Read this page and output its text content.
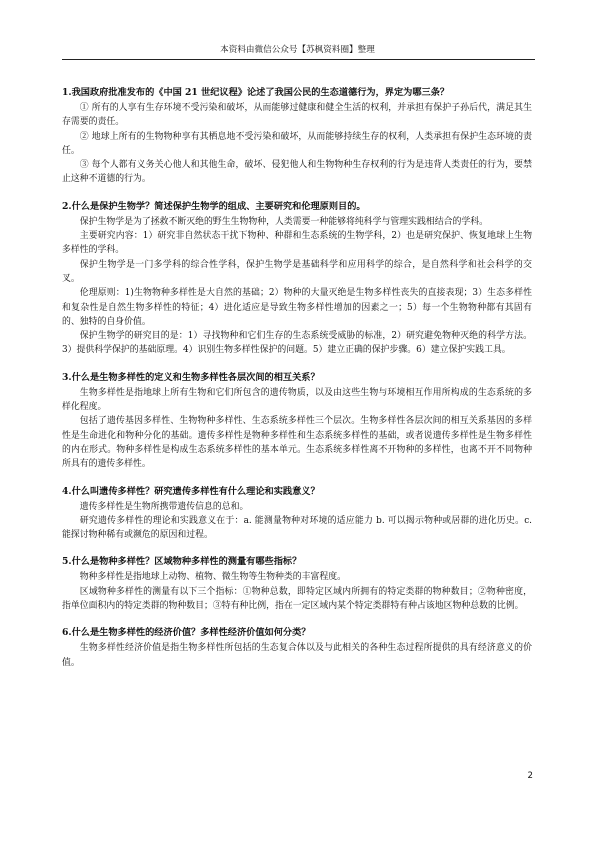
本资料由微信公众号【苏枫资料圈】整理
1.我国政府批准发布的《中国 21 世纪议程》论述了我国公民的生态道德行为，界定为哪三条？

① 所有的人享有生存环境不受污染和破坏，从而能够过健康和健全生活的权利，并承担有保护子孙后代，满足其生存需要的责任。

② 地球上所有的生物物种享有其栖息地不受污染和破坏，从而能够持续生存的权利，人类承担有保护生态环境的责任。

③ 每个人都有义务关心他人和其他生命，破坏、侵犯他人和生物物种生存权利的行为是违背人类责任的行为，要禁止这种不道德的行为。

2.什么是保护生物学？简述保护生物学的组成、主要研究和伦理原则目的。

保护生物学是为了拯救不断灭绝的野生生物物种，人类需要一种能够将纯科学与管理实践相结合的学科。

主要研究内容：1）研究非自然状态干扰下物种、种群和生态系统的生物学科，2）也是研究保护、恢复地球上生物多样性的学科。

保护生物学是一门多学科的综合性学科，保护生物学是基础科学和应用科学的综合，是自然科学和社会科学的交叉。

伦理原则：1)生物物种多样性是大自然的基础；2）物种的大量灭绝是生物多样性丧失的直接表现；3）生态多样性和复杂性是自然生物多样性的特征；4）进化适应是导致生物多样性增加的因素之一；5）每一个生物物种都有其固有的、独特的自身价值。

保护生物学的研究目的是：1）寻找物种和它们生存的生态系统受威胁的标准，2）研究避免物种灭绝的科学方法。 3）提供科学保护的基础原理。4）识别生物多样性保护的问题。5）建立正确的保护步骤。6）建立保护实践工具。

3.什么是生物多样性的定义和生物多样性各层次间的相互关系？

生物多样性是指地球上所有生物和它们所包含的遗传物质，以及由这些生物与环境相互作用所构成的生态系统的多样化程度。

包括了遗传基因多样性、生物物种多样性、生态系统多样性三个层次。生物多样性各层次间的相互关系基因的多样性是生命进化和物种分化的基础。遗传多样性是物种多样性和生态系统多样性的基础，或者说遗传多样性是生物多样性的内在形式。物种多样性是构成生态系统多样性的基本单元。生态系统多样性离不开物种的多样性，也离不开不同物种所具有的遗传多样性。

4.什么叫遗传多样性？研究遗传多样性有什么理论和实践意义？

遗传多样性是生物所携带遗传信息的总和。

研究遗传多样性的理论和实践意义在于：a. 能测量物种对环境的适应能力 b. 可以揭示物种或居群的进化历史。c. 能探讨物种稀有或濒危的原因和过程。

5.什么是物种多样性？区域物种多样性的测量有哪些指标？

物种多样性是指地球上动物、植物、微生物等生物种类的丰富程度。

区域物种多样性的测量有以下三个指标：①物种总数，即特定区域内所拥有的特定类群的物种数目；②物种密度，指单位面积内的特定类群的物种数目；③特有种比例，指在一定区域内某个特定类群特有种占该地区物种总数的比例。

6.什么是生物多样性的经济价值？多样性经济价值如何分类？

生物多样性经济价值是指生物多样性所包括的生态复合体以及与此相关的各种生态过程所提供的具有经济意义的价值。

2
